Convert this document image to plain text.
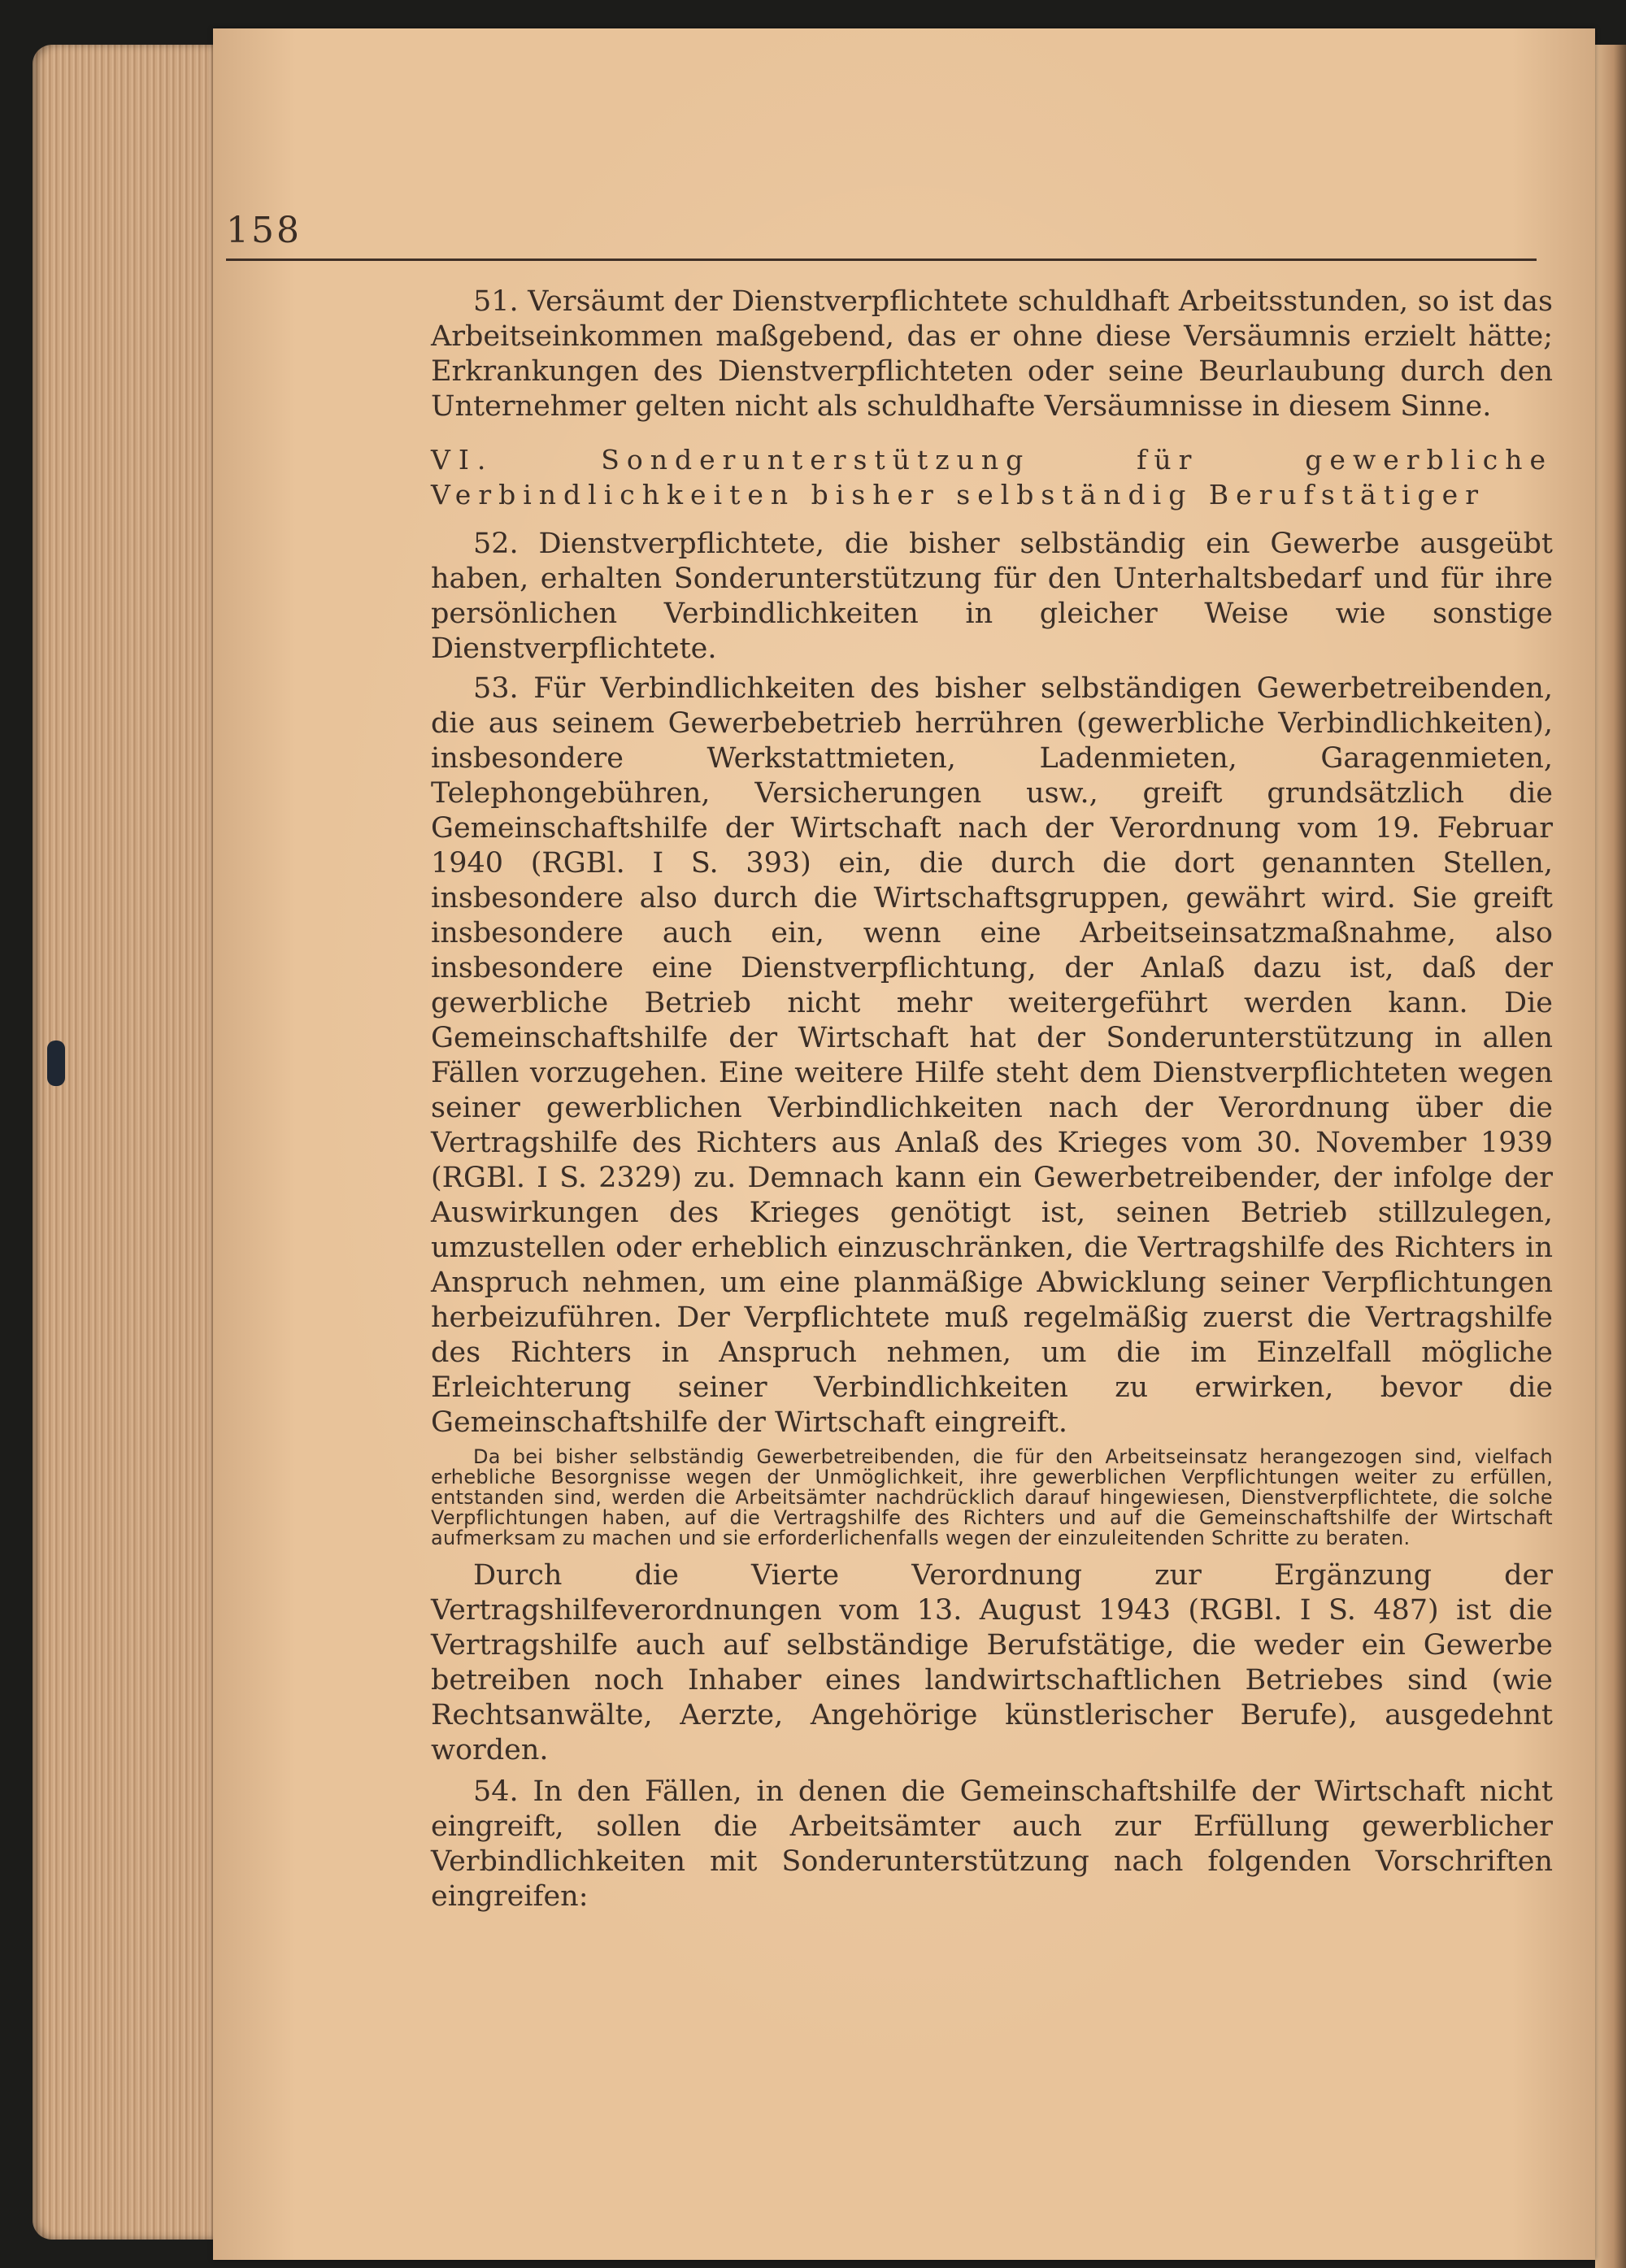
158

51. Versäumt der Dienstverpflichtete schuldhaft Arbeitsstunden, so ist das Arbeitseinkommen maßgebend, das er ohne diese Versäumnis erzielt hätte; Erkrankungen des Dienstverpflichteten oder seine Beurlaubung durch den Unternehmer gelten nicht als schuldhafte Versäumnisse in diesem Sinne.

VI.	Sonderunterstützung für gewerbliche Verbindlichkeiten bisher selbständig Berufstätiger

52. Dienstverpflichtete, die bisher selbständig ein Gewerbe ausgeübt haben, erhalten Sonderunterstützung für den Unterhaltsbedarf und für ihre persönlichen Verbindlichkeiten in gleicher Weise wie sonstige Dienstverpflichtete.

53. Für Verbindlichkeiten des bisher selbständigen Gewerbetreibenden, die aus seinem Gewerbebetrieb herrühren (gewerbliche Verbindlichkeiten), insbesondere Werkstattmieten, Ladenmieten, Garagenmieten, Telephongebühren, Versicherungen usw., greift grundsätzlich die Gemeinschaftshilfe der Wirtschaft nach der Verordnung vom 19. Februar 1940 (RGBl. I S. 393) ein, die durch die dort genannten Stellen, insbesondere also durch die Wirtschaftsgruppen, gewährt wird. Sie greift insbesondere auch ein, wenn eine Arbeitseinsatzmaßnahme, also insbesondere eine Dienstverpflichtung, der Anlaß dazu ist, daß der gewerbliche Betrieb nicht mehr weitergeführt werden kann. Die Gemeinschaftshilfe der Wirtschaft hat der Sonderunterstützung in allen Fällen vorzugehen. Eine weitere Hilfe steht dem Dienstverpflichteten wegen seiner gewerblichen Verbindlichkeiten nach der Verordnung über die Vertragshilfe des Richters aus Anlaß des Krieges vom 30. November 1939 (RGBl. I S. 2329) zu. Demnach kann ein Gewerbetreibender, der infolge der Auswirkungen des Krieges genötigt ist, seinen Betrieb stillzulegen, umzustellen oder erheblich einzuschränken, die Vertragshilfe des Richters in Anspruch nehmen, um eine planmäßige Abwicklung seiner Verpflichtungen herbeizuführen. Der Verpflichtete muß regelmäßig zuerst die Vertragshilfe des Richters in Anspruch nehmen, um die im Einzelfall mögliche Erleichterung seiner Verbindlichkeiten zu erwirken, bevor die Gemeinschaftshilfe der Wirtschaft eingreift.

Da bei bisher selbständig Gewerbetreibenden, die für den Arbeitseinsatz herangezogen sind, vielfach erhebliche Besorgnisse wegen der Unmöglichkeit, ihre gewerblichen Verpflichtungen weiter zu erfüllen, entstanden sind, werden die Arbeitsämter nachdrücklich darauf hingewiesen, Dienstverpflichtete, die solche Verpflichtungen haben, auf die Vertragshilfe des Richters und auf die Gemeinschaftshilfe der Wirtschaft aufmerksam zu machen und sie erforderlichenfalls wegen der einzuleitenden Schritte zu beraten.

Durch die Vierte Verordnung zur Ergänzung der Vertragshilfeverordnungen vom 13. August 1943 (RGBl. I S. 487) ist die Vertragshilfe auch auf selbständige Berufstätige, die weder ein Gewerbe betreiben noch Inhaber eines landwirtschaftlichen Betriebes sind (wie Rechtsanwälte, Aerzte, Angehörige künstlerischer Berufe), ausgedehnt worden.

54. In den Fällen, in denen die Gemeinschaftshilfe der Wirtschaft nicht eingreift, sollen die Arbeitsämter auch zur Erfüllung gewerblicher Verbindlichkeiten mit Sonderunterstützung nach folgenden Vorschriften eingreifen:
